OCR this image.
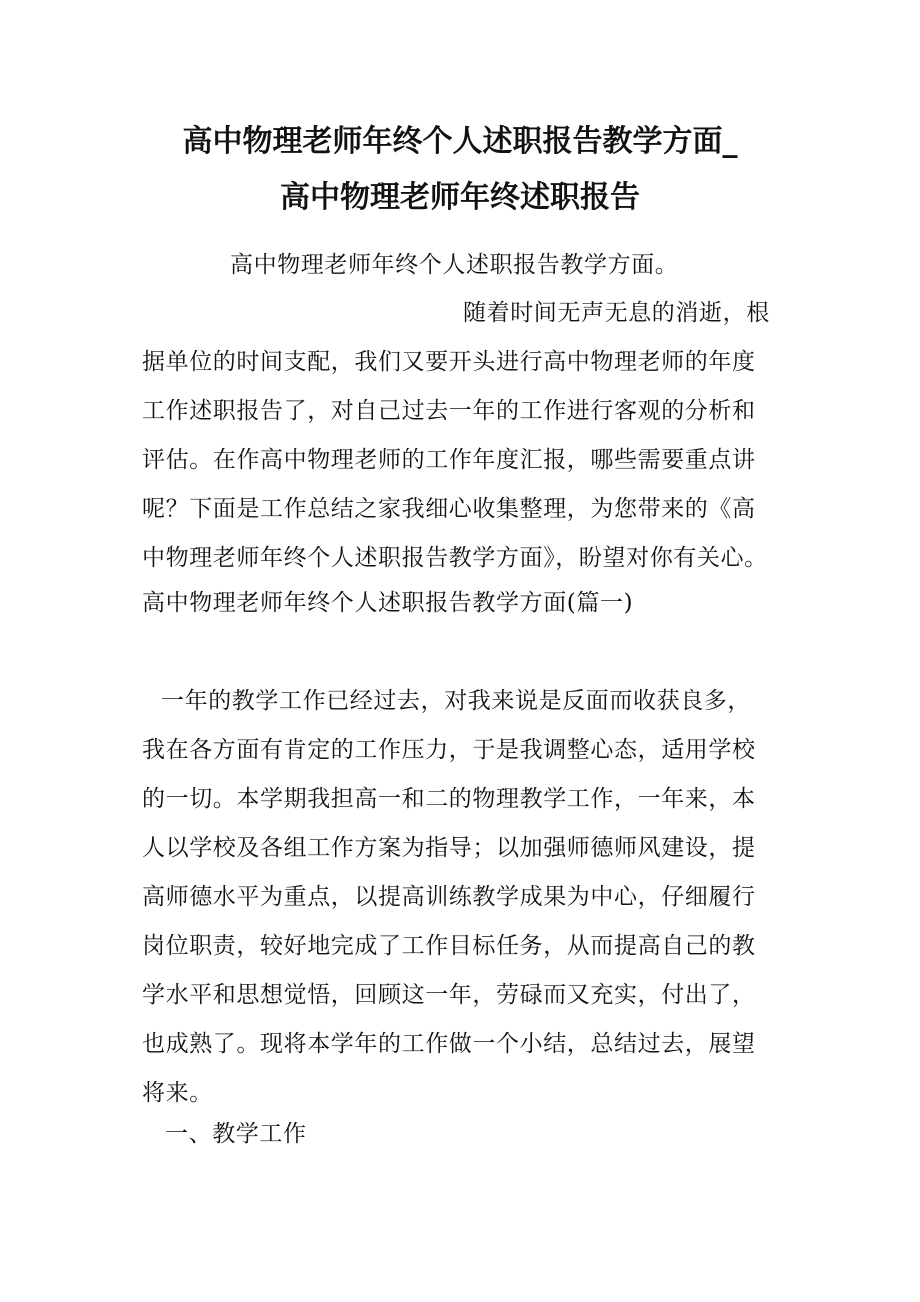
高中物理老师年终个人述职报告教学方面_
高中物理老师年终述职报告
高中物理老师年终个人述职报告教学方面。
随着时间无声无息的消逝，根
据单位的时间支配，我们又要开头进行高中物理老师的年度
工作述职报告了，对自己过去一年的工作进行客观的分析和
评估。在作高中物理老师的工作年度汇报，哪些需要重点讲
呢？下面是工作总结之家我细心收集整理，为您带来的《高
中物理老师年终个人述职报告教学方面》，盼望对你有关心。
高中物理老师年终个人述职报告教学方面(篇一)
一年的教学工作已经过去，对我来说是反面而收获良多，
我在各方面有肯定的工作压力，于是我调整心态，适用学校
的一切。本学期我担高一和二的物理教学工作，一年来，本
人以学校及各组工作方案为指导；以加强师德师风建设，提
高师德水平为重点，以提高训练教学成果为中心，仔细履行
岗位职责，较好地完成了工作目标任务，从而提高自己的教
学水平和思想觉悟，回顾这一年，劳碌而又充实，付出了，
也成熟了。现将本学年的工作做一个小结，总结过去，展望
将来。
一、教学工作
